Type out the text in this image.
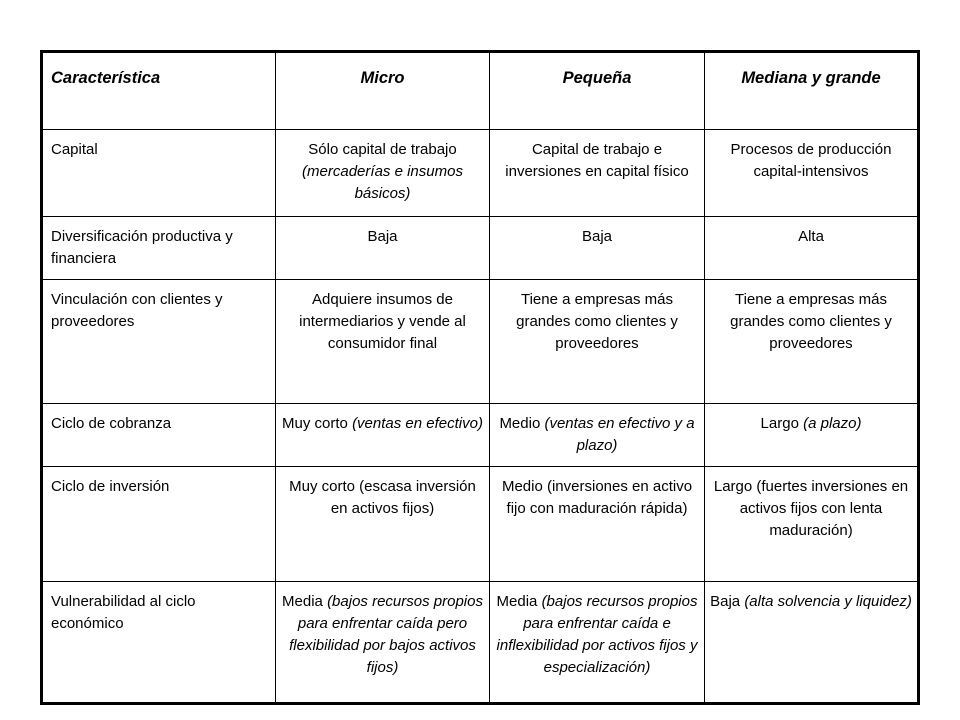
Característica	Micro	Pequeña	Mediana y grande
Capital	Sólo capital de trabajo (mercaderías e insumos básicos)	Capital de trabajo e inversiones en capital físico	Procesos de producción capital-intensivos
Diversificación productiva y financiera	Baja	Baja	Alta
Vinculación con clientes y proveedores	Adquiere insumos de intermediarios y vende al consumidor final	Tiene a empresas más grandes como clientes y proveedores	Tiene a empresas más grandes como clientes y proveedores
Ciclo de cobranza	Muy corto (ventas en efectivo)	Medio (ventas en efectivo y a plazo)	Largo (a plazo)
Ciclo de inversión	Muy corto (escasa inversión en activos fijos)	Medio (inversiones en activo fijo con maduración rápida)	Largo (fuertes inversiones en activos fijos con lenta maduración)
Vulnerabilidad al ciclo económico	Media (bajos recursos propios para enfrentar caída pero flexibilidad por bajos activos fijos)	Media (bajos recursos propios para enfrentar caída e inflexibilidad por activos fijos y especialización)	Baja (alta solvencia y liquidez)
